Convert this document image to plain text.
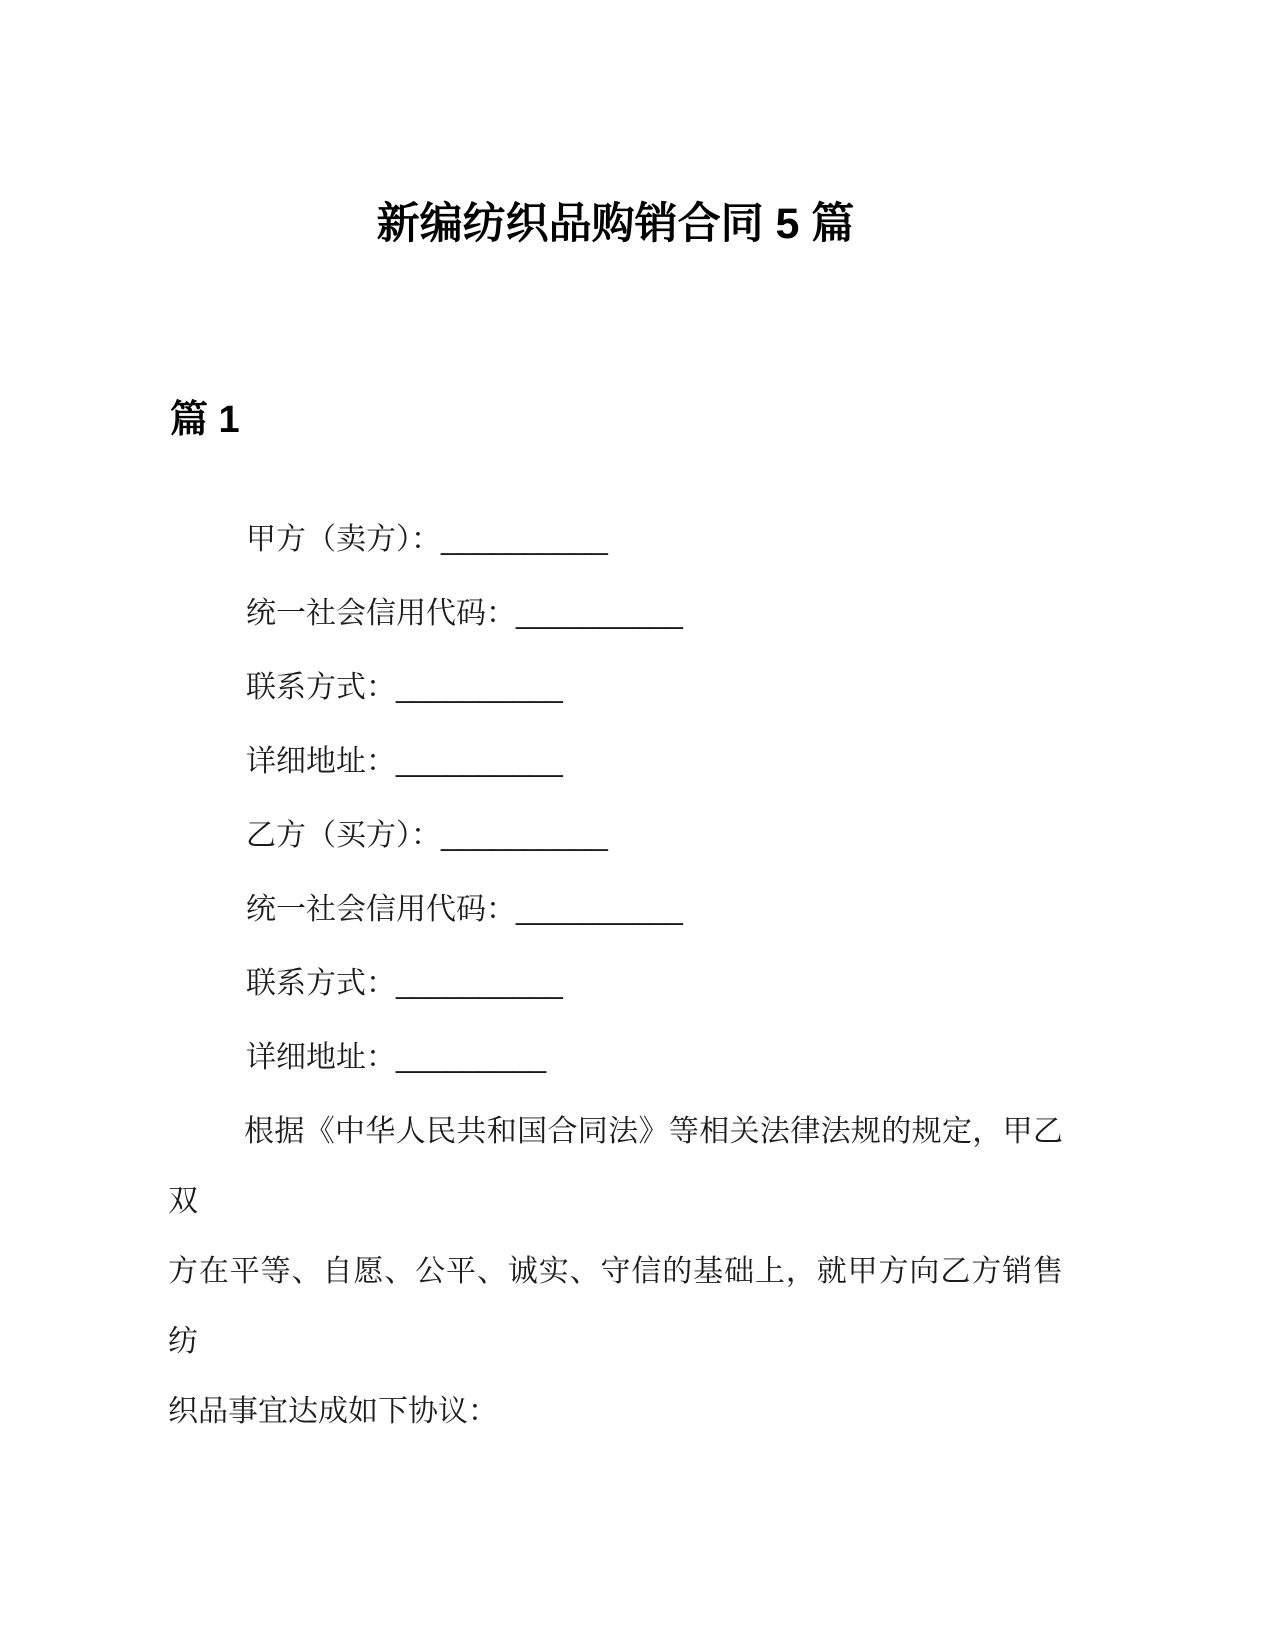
新编纺织品购销合同 5 篇
篇 1

甲方（卖方）：__________

统一社会信用代码：__________

联系方式：__________

详细地址：__________

乙方（买方）：__________

统一社会信用代码：__________

联系方式：__________

详细地址：_________

根据《中华人民共和国合同法》等相关法律法规的规定，甲乙双
方在平等、自愿、公平、诚实、守信的基础上，就甲方向乙方销售纺
织品事宜达成如下协议：
